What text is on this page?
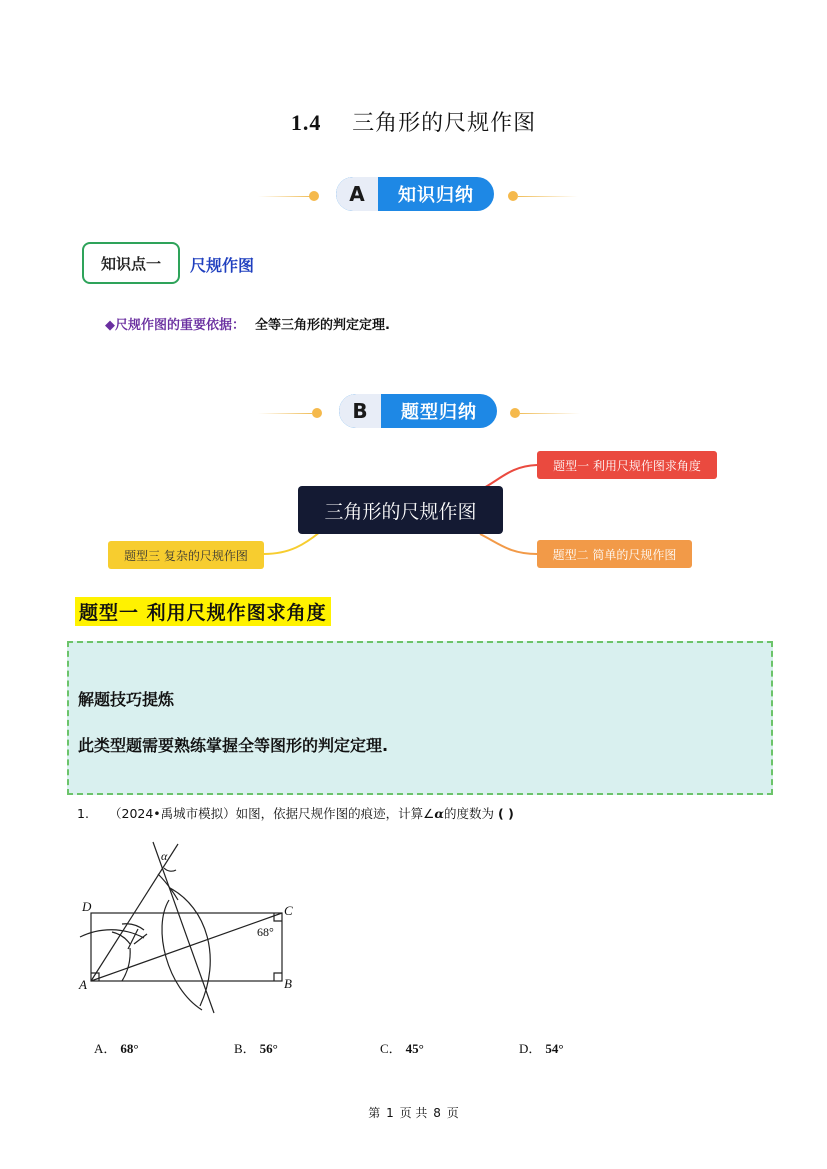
1.4 三角形的尺规作图
A	知识归纳
知识点一	尺规作图
◆尺规作图的重要依据： 全等三角形的判定定理.
B	题型归纳
三角形的尺规作图
题型一 利用尺规作图求角度
题型二 简单的尺规作图
题型三 复杂的尺规作图
题型一 利用尺规作图求角度
解题技巧提炼
此类型题需要熟练掌握全等图形的判定定理.
1. （2024•禹城市模拟）如图，依据尺规作图的痕迹，计算∠α的度数为 ( )
D	C
A	B
α
68°
A． 68°	B． 56°	C． 45°	D． 54°
第 1 页 共 8 页
